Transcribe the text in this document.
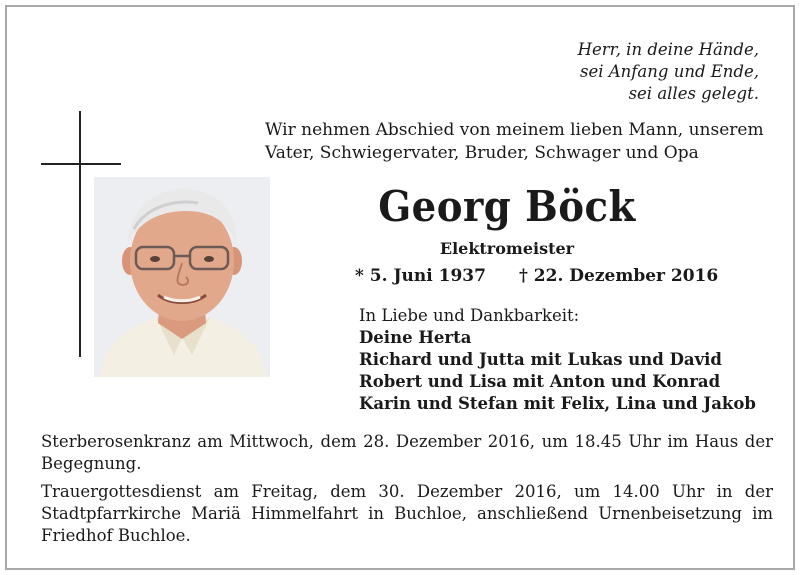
Herr, in deine Hände,
sei Anfang und Ende,
sei alles gelegt.
Wir nehmen Abschied von meinem lieben Mann, unserem
Vater, Schwiegervater, Bruder, Schwager und Opa
Georg Böck
Elektromeister
* 5. Juni 1937 † 22. Dezember 2016
In Liebe und Dankbarkeit:
Deine Herta
Richard und Jutta mit Lukas und David
Robert und Lisa mit Anton und Konrad
Karin und Stefan mit Felix, Lina und Jakob

Sterberosenkranz am Mittwoch, dem 28. Dezember 2016, um 18.45 Uhr im Haus der Begegnung.

Trauergottesdienst am Freitag, dem 30. Dezember 2016, um 14.00 Uhr in der Stadtpfarrkirche Mariä Himmelfahrt in Buchloe, anschließend Urnenbeisetzung im Friedhof Buchloe.
